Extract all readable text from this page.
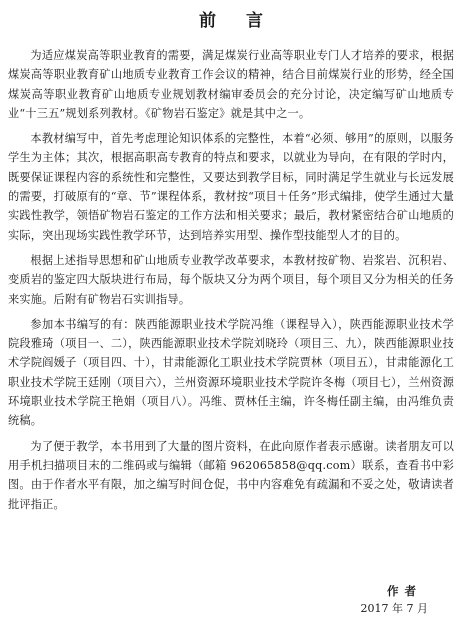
前 言

为适应煤炭高等职业教育的需要，满足煤炭行业高等职业专门人才培养的要求，根据煤炭高等职业教育矿山地质专业教育工作会议的精神，结合目前煤炭行业的形势，经全国煤炭高等职业教育矿山地质专业规划教材编审委员会的充分讨论，决定编写矿山地质专业“十三五”规划系列教材。《矿物岩石鉴定》就是其中之一。

本教材编写中，首先考虑理论知识体系的完整性，本着“必须、够用”的原则，以服务学生为主体；其次，根据高职高专教育的特点和要求，以就业为导向，在有限的学时内，既要保证课程内容的系统性和完整性，又要达到教学目标，同时满足学生就业与长远发展的需要，打破原有的“章、节”课程体系，教材按“项目＋任务”形式编排，使学生通过大量实践性教学，领悟矿物岩石鉴定的工作方法和相关要求；最后，教材紧密结合矿山地质的实际，突出现场实践性教学环节，达到培养实用型、操作型技能型人才的目的。

根据上述指导思想和矿山地质专业教学改革要求，本教材按矿物、岩浆岩、沉积岩、变质岩的鉴定四大版块进行布局，每个版块又分为两个项目，每个项目又分为相关的任务来实施。后附有矿物岩石实训指导。

参加本书编写的有：陕西能源职业技术学院冯维（课程导入），陕西能源职业技术学院段雅琦（项目一、二），陕西能源职业技术学院刘晓玲（项目三、九），陕西能源职业技术学院阎媛子（项目四、十），甘肃能源化工职业技术学院贾林（项目五），甘肃能源化工职业技术学院王廷刚（项目六），兰州资源环境职业技术学院许冬梅（项目七），兰州资源环境职业技术学院王艳娟（项目八）。冯维、贾林任主编，许冬梅任副主编，由冯维负责统稿。

为了便于教学，本书用到了大量的图片资料，在此向原作者表示感谢。读者朋友可以用手机扫描项目末的二维码或与编辑（邮箱 962065858@qq.com）联系，查看书中彩图。由于作者水平有限，加之编写时间仓促，书中内容难免有疏漏和不妥之处，敬请读者批评指正。

作者
2017 年 7 月
